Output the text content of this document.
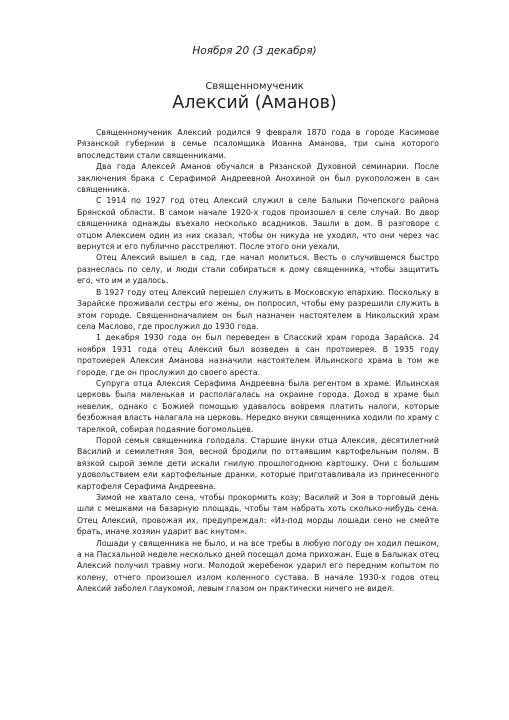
Ноября 20 (3 декабря)
Священномученик
Алексий (Аманов)

Священномученик Алексий родился 9 февраля 1870 года в городе Касимове Рязанской губернии в семье псаломщика Иоанна Аманова, три сына которого впоследствии стали священниками.

Два года Алексей Аманов обучался в Рязанской Духовной семинарии. После заключения брака с Серафимой Андреевной Анохиной он был рукоположен в сан священника.

С 1914 по 1927 год отец Алексий служил в селе Балыки Почепского района Брянской области. В самом начале 1920-х годов произошел в селе случай. Во двор священника однажды въехало несколько всадников. Зашли в дом. В разговоре с отцом Алексием один из них сказал, чтобы он никуда не уходил, что они через час вернутся и его публично расстреляют. После этого они уехали.

Отец Алексий вышел в сад, где начал молиться. Весть о случившемся быстро разнеслась по селу, и люди стали собираться к дому священника, чтобы защитить его, что им и удалось.

В 1927 году отец Алексий перешел служить в Московскую епархию. Поскольку в Зарайске проживали сестры его жены, он попросил, чтобы ему разрешили служить в этом городе. Священноначалием он был назначен настоятелем в Никольский храм села Маслово, где прослужил до 1930 года.

1 декабря 1930 года он был переведен в Спасский храм города Зарайска. 24 ноября 1931 года отец Алексий был возведен в сан протоиерея. В 1935 году протоиерея Алексия Аманова назначили настоятелем Ильинского храма в том же городе, где он прослужил до своего ареста.

Супруга отца Алексия Серафима Андреевна была регентом в храме. Ильинская церковь была маленькая и располагалась на окраине города. Доход в храме был невелик, однако с Божией помощью удавалось вовремя платить налоги, которые безбожная власть налагала на церковь. Нередко внуки священника ходили по храму с тарелкой, собирая подаяние богомольцев.

Порой семья священника голодала. Старшие внуки отца Алексия, десятилетний Василий и семилетняя Зоя, весной бродили по оттаявшим картофельным полям. В вязкой сырой земле дети искали гнилую прошлогоднюю картошку. Они с большим удовольствием ели картофельные дранки, которые приготавливала из принесенного картофеля Серафима Андреевна.

Зимой не хватало сена, чтобы прокормить козу; Василий и Зоя в торговый день шли с мешками на базарную площадь, чтобы там набрать хоть сколько-нибудь сена. Отец Алексий, провожая их, предупреждал: «Из-под морды лошади сено не смейте брать, иначе хозяин ударит вас кнутом».

Лошади у священника не было, и на все требы в любую погоду он ходил пешком, а на Пасхальной неделе несколько дней посещал дома прихожан. Еще в Балыках отец Алексий получил травму ноги. Молодой жеребенок ударил его передним копытом по колену, отчего произошел излом коленного сустава. В начале 1930-х годов отец Алексий заболел глаукомой, левым глазом он практически ничего не видел.
